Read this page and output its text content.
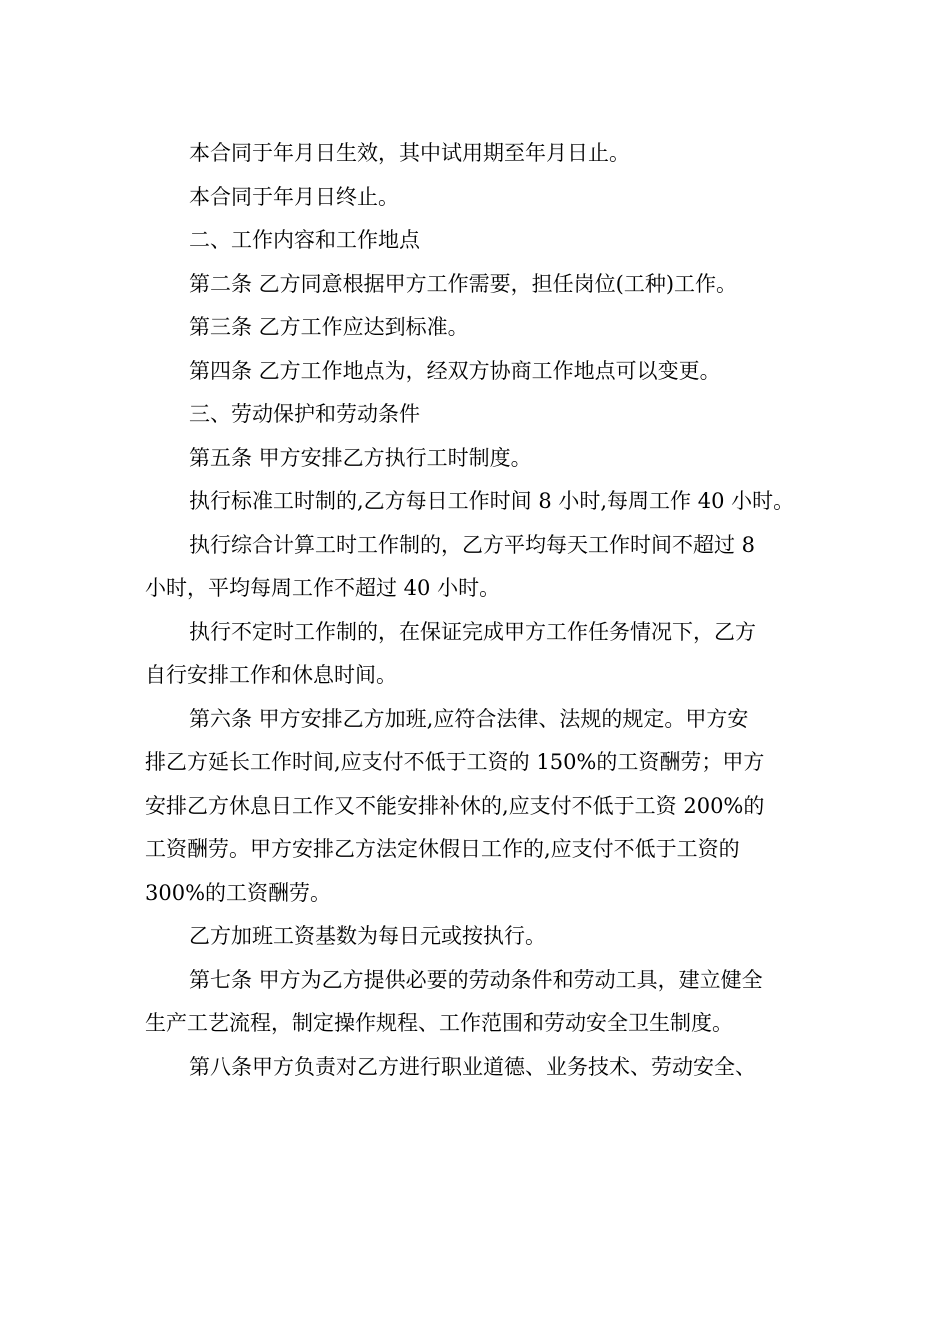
本合同于年月日生效，其中试用期至年月日止。

本合同于年月日终止。

二、工作内容和工作地点

第二条 乙方同意根据甲方工作需要，担任岗位(工种)工作。

第三条 乙方工作应达到标准。

第四条 乙方工作地点为，经双方协商工作地点可以变更。

三、劳动保护和劳动条件

第五条 甲方安排乙方执行工时制度。

执行标准工时制的,乙方每日工作时间 8 小时,每周工作 40 小时。

执行综合计算工时工作制的，乙方平均每天工作时间不超过 8
小时，平均每周工作不超过 40 小时。

执行不定时工作制的，在保证完成甲方工作任务情况下，乙方
自行安排工作和休息时间。

第六条 甲方安排乙方加班,应符合法律、法规的规定。甲方安
排乙方延长工作时间,应支付不低于工资的 150%的工资酬劳；甲方
安排乙方休息日工作又不能安排补休的,应支付不低于工资 200%的
工资酬劳。甲方安排乙方法定休假日工作的,应支付不低于工资的
300%的工资酬劳。

乙方加班工资基数为每日元或按执行。

第七条 甲方为乙方提供必要的劳动条件和劳动工具，建立健全
生产工艺流程，制定操作规程、工作范围和劳动安全卫生制度。

第八条甲方负责对乙方进行职业道德、业务技术、劳动安全、
